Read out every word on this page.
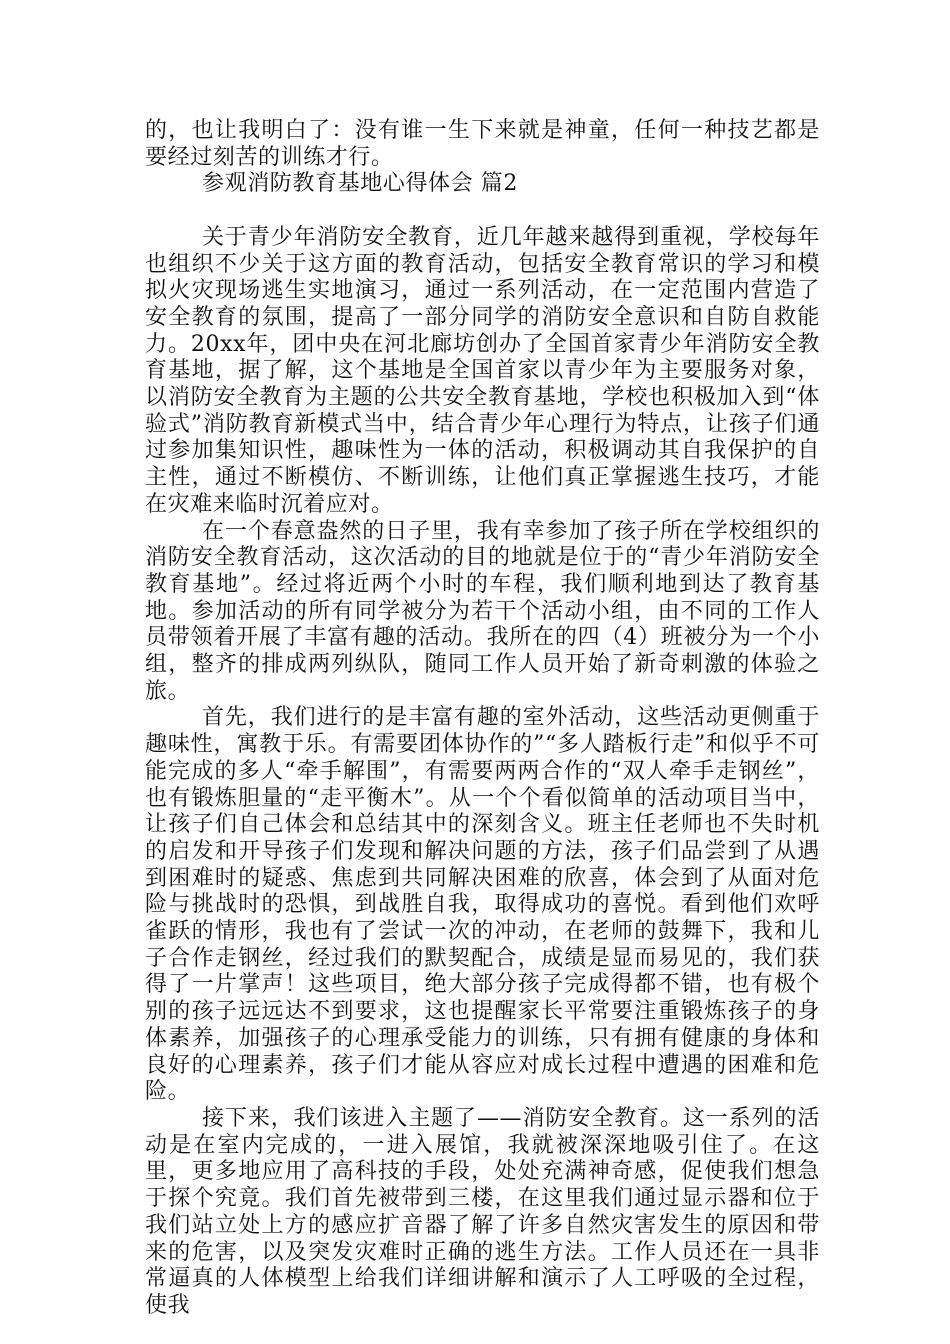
的，也让我明白了：没有谁一生下来就是神童，任何一种技艺都是要经过刻苦的训练才行。

参观消防教育基地心得体会 篇2

关于青少年消防安全教育，近几年越来越得到重视，学校每年也组织不少关于这方面的教育活动，包括安全教育常识的学习和模拟火灾现场逃生实地演习，通过一系列活动，在一定范围内营造了安全教育的氛围，提高了一部分同学的消防安全意识和自防自救能力。20xx年，团中央在河北廊坊创办了全国首家青少年消防安全教育基地，据了解，这个基地是全国首家以青少年为主要服务对象，以消防安全教育为主题的公共安全教育基地，学校也积极加入到“体验式”消防教育新模式当中，结合青少年心理行为特点，让孩子们通过参加集知识性，趣味性为一体的活动，积极调动其自我保护的自主性，通过不断模仿、不断训练，让他们真正掌握逃生技巧，才能在灾难来临时沉着应对。

在一个春意盎然的日子里，我有幸参加了孩子所在学校组织的消防安全教育活动，这次活动的目的地就是位于的“青少年消防安全教育基地”。经过将近两个小时的车程，我们顺利地到达了教育基地。参加活动的所有同学被分为若干个活动小组，由不同的工作人员带领着开展了丰富有趣的活动。我所在的四（4）班被分为一个小组，整齐的排成两列纵队，随同工作人员开始了新奇刺激的体验之旅。

首先，我们进行的是丰富有趣的室外活动，这些活动更侧重于趣味性，寓教于乐。有需要团体协作的”“多人踏板行走”和似乎不可能完成的多人“牵手解围”，有需要两两合作的“双人牵手走钢丝”，也有锻炼胆量的“走平衡木”。从一个个看似简单的活动项目当中，让孩子们自己体会和总结其中的深刻含义。班主任老师也不失时机的启发和开导孩子们发现和解决问题的方法，孩子们品尝到了从遇到困难时的疑惑、焦虑到共同解决困难的欣喜，体会到了从面对危险与挑战时的恐惧，到战胜自我，取得成功的喜悦。看到他们欢呼雀跃的情形，我也有了尝试一次的冲动，在老师的鼓舞下，我和儿子合作走钢丝，经过我们的默契配合，成绩是显而易见的，我们获得了一片掌声！这些项目，绝大部分孩子完成得都不错，也有极个别的孩子远远达不到要求，这也提醒家长平常要注重锻炼孩子的身体素养，加强孩子的心理承受能力的训练，只有拥有健康的身体和良好的心理素养，孩子们才能从容应对成长过程中遭遇的困难和危险。

接下来，我们该进入主题了——消防安全教育。这一系列的活动是在室内完成的，一进入展馆，我就被深深地吸引住了。在这里，更多地应用了高科技的手段，处处充满神奇感，促使我们想急于探个究竟。我们首先被带到三楼，在这里我们通过显示器和位于我们站立处上方的感应扩音器了解了许多自然灾害发生的原因和带来的危害，以及突发灾难时正确的逃生方法。工作人员还在一具非常逼真的人体模型上给我们详细讲解和演示了人工呼吸的全过程，使我
